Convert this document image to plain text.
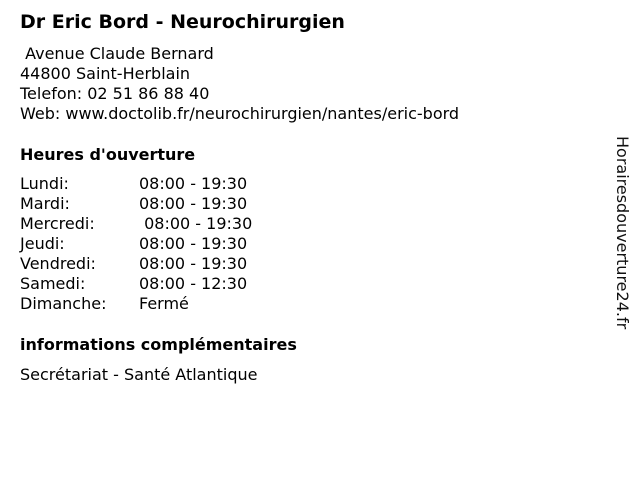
Dr Eric Bord - Neurochirurgien
Avenue Claude Bernard
44800 Saint-Herblain
Telefon: 02 51 86 88 40
Web: www.doctolib.fr/neurochirurgien/nantes/eric-bord
Heures d'ouverture
Lundi:	08:00 - 19:30
Mardi:	08:00 - 19:30
Mercredi:	08:00 - 19:30
Jeudi:	08:00 - 19:30
Vendredi:	08:00 - 19:30
Samedi:	08:00 - 12:30
Dimanche: Fermé
informations complémentaires
Secrétariat - Santé Atlantique
Horairesdouverture24.fr
